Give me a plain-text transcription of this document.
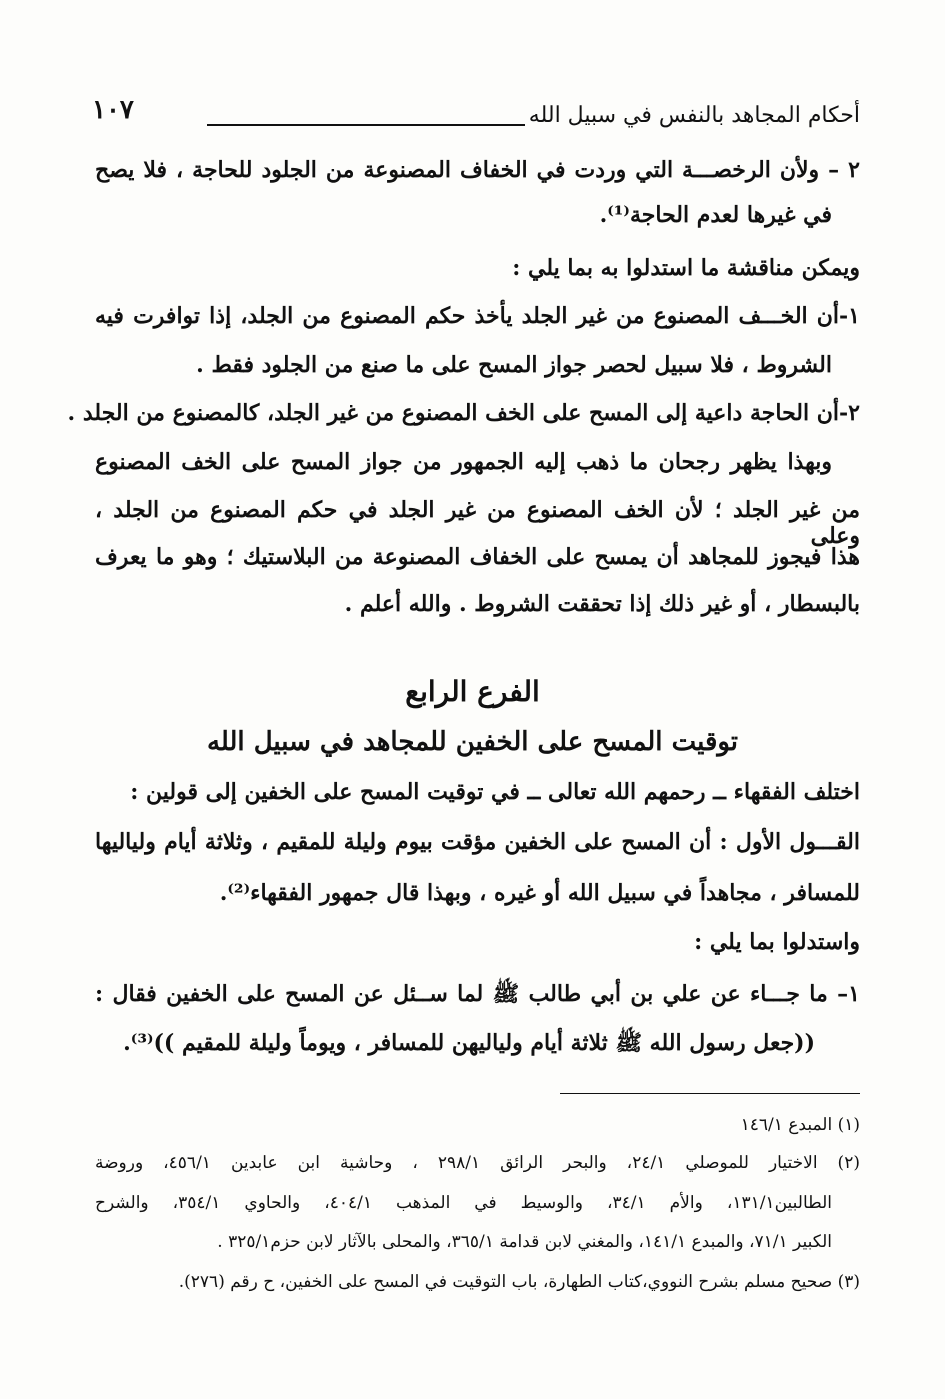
أحكام المجاهد بالنفس في سبيل الله
١٠٧
٢ – ولأن الرخصـــة التي وردت في الخفاف المصنوعة من الجلود للحاجة ، فلا يصح
في غيرها لعدم الحاجة⁽¹⁾.
ويمكن مناقشة ما استدلوا به بما يلي :
١-أن الخـــف المصنوع من غير الجلد يأخذ حكم المصنوع من الجلد، إذا توافرت فيه
الشروط ، فلا سبيل لحصر جواز المسح على ما صنع من الجلود فقط .
٢-أن الحاجة داعية إلى المسح على الخف المصنوع من غير الجلد، كالمصنوع من الجلد .
وبهذا يظهر رجحان ما ذهب إليه الجمهور من جواز المسح على الخف المصنوع
من غير الجلد ؛ لأن الخف المصنوع من غير الجلد في حكم المصنوع من الجلد ، وعلى
هذا فيجوز للمجاهد أن يمسح على الخفاف المصنوعة من البلاستيك ؛ وهو ما يعرف
بالبسطار ، أو غير ذلك إذا تحققت الشروط . والله أعلم .
الفرع الرابع
توقيت المسح على الخفين للمجاهد في سبيل الله
اختلف الفقهاء ــ رحمهم الله تعالى ــ في توقيت المسح على الخفين إلى قولين :
القـــول الأول : أن المسح على الخفين مؤقت بيوم وليلة للمقيم ، وثلاثة أيام ولياليها
للمسافر ، مجاهداً في سبيل الله أو غيره ، وبهذا قال جمهور الفقهاء⁽²⁾.
واستدلوا بما يلي :
١– ما جـــاء عن علي بن أبي طالب ﷺ لما ســئل عن المسح على الخفين فقال :
((جعل رسول الله ﷺ ثلاثة أيام ولياليهن للمسافر ، ويوماً وليلة للمقيم ))⁽³⁾.
(١) المبدع ١٤٦/١
(٢) الاختيار للموصلي ٢٤/١، والبحر الرائق ٢٩٨/١ ، وحاشية ابن عابدين ٤٥٦/١، وروضة
الطالبين١٣١/١، والأم ٣٤/١، والوسيط في المذهب ٤٠٤/١، والحاوي ٣٥٤/١، والشرح
الكبير ٧١/١، والمبدع ١٤١/١، والمغني لابن قدامة ٣٦٥/١، والمحلى بالآثار لابن حزم٣٢٥/١ .
(٣) صحيح مسلم بشرح النووي،كتاب الطهارة، باب التوقيت في المسح على الخفين، ح رقم (٢٧٦).
